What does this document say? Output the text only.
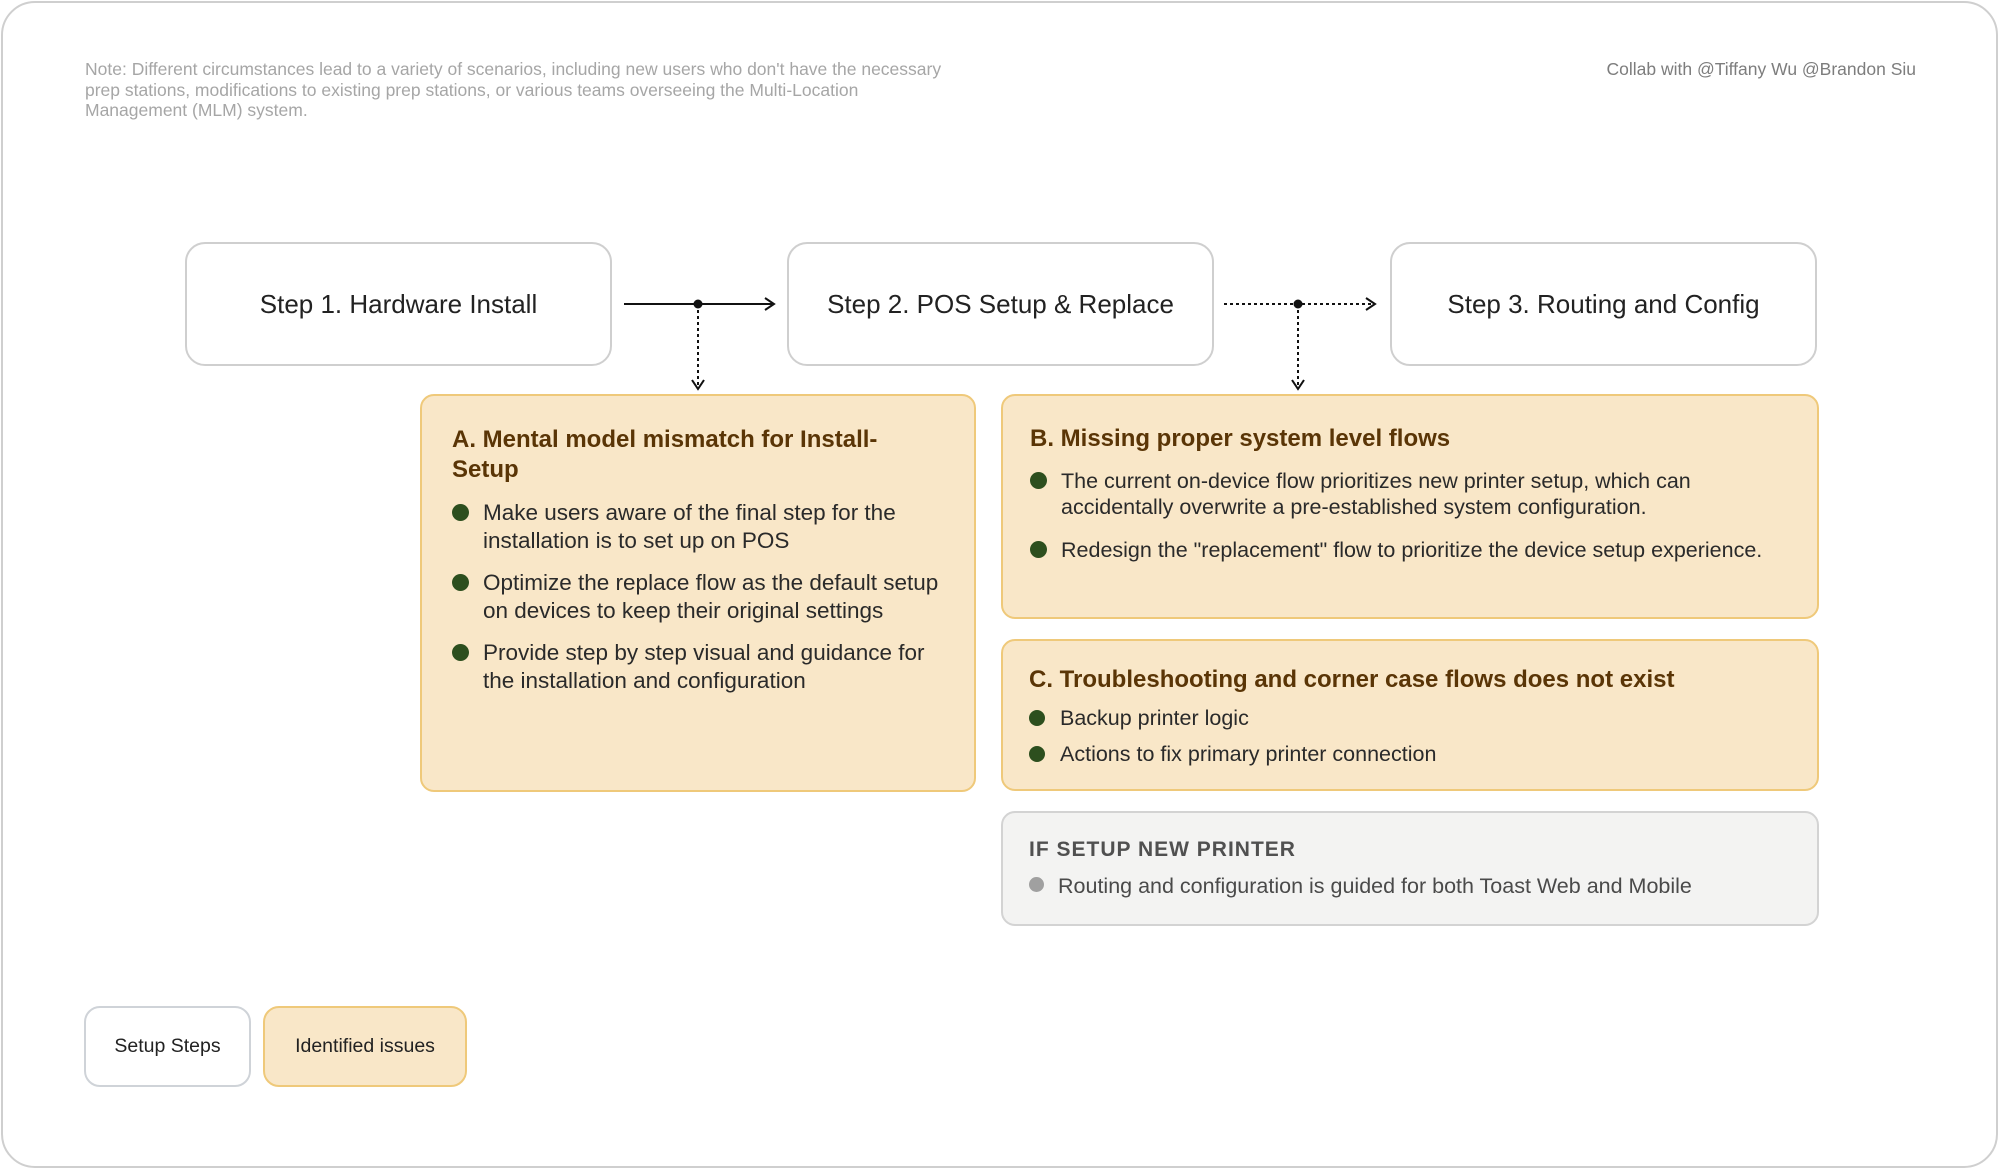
Note: Different circumstances lead to a variety of scenarios, including new users who don't have the necessary prep stations, modifications to existing prep stations, or various teams overseeing the Multi-Location Management (MLM) system.
Collab with @Tiffany Wu @Brandon Siu
Step 1. Hardware Install	Step 2. POS Setup & Replace	Step 3. Routing and Config
A. Mental model mismatch for Install-Setup
Make users aware of the final step for the installation is to set up on POS
Optimize the replace flow as the default setup on devices to keep their original settings
Provide step by step visual and guidance for the installation and configuration
B. Missing proper system level flows
The current on-device flow prioritizes new printer setup, which can accidentally overwrite a pre-established system configuration.
Redesign the "replacement" flow to prioritize the device setup experience.
C. Troubleshooting and corner case flows does not exist
Backup printer logic
Actions to fix primary printer connection
IF SETUP NEW PRINTER
Routing and configuration is guided for both Toast Web and Mobile
Setup Steps	Identified issues
